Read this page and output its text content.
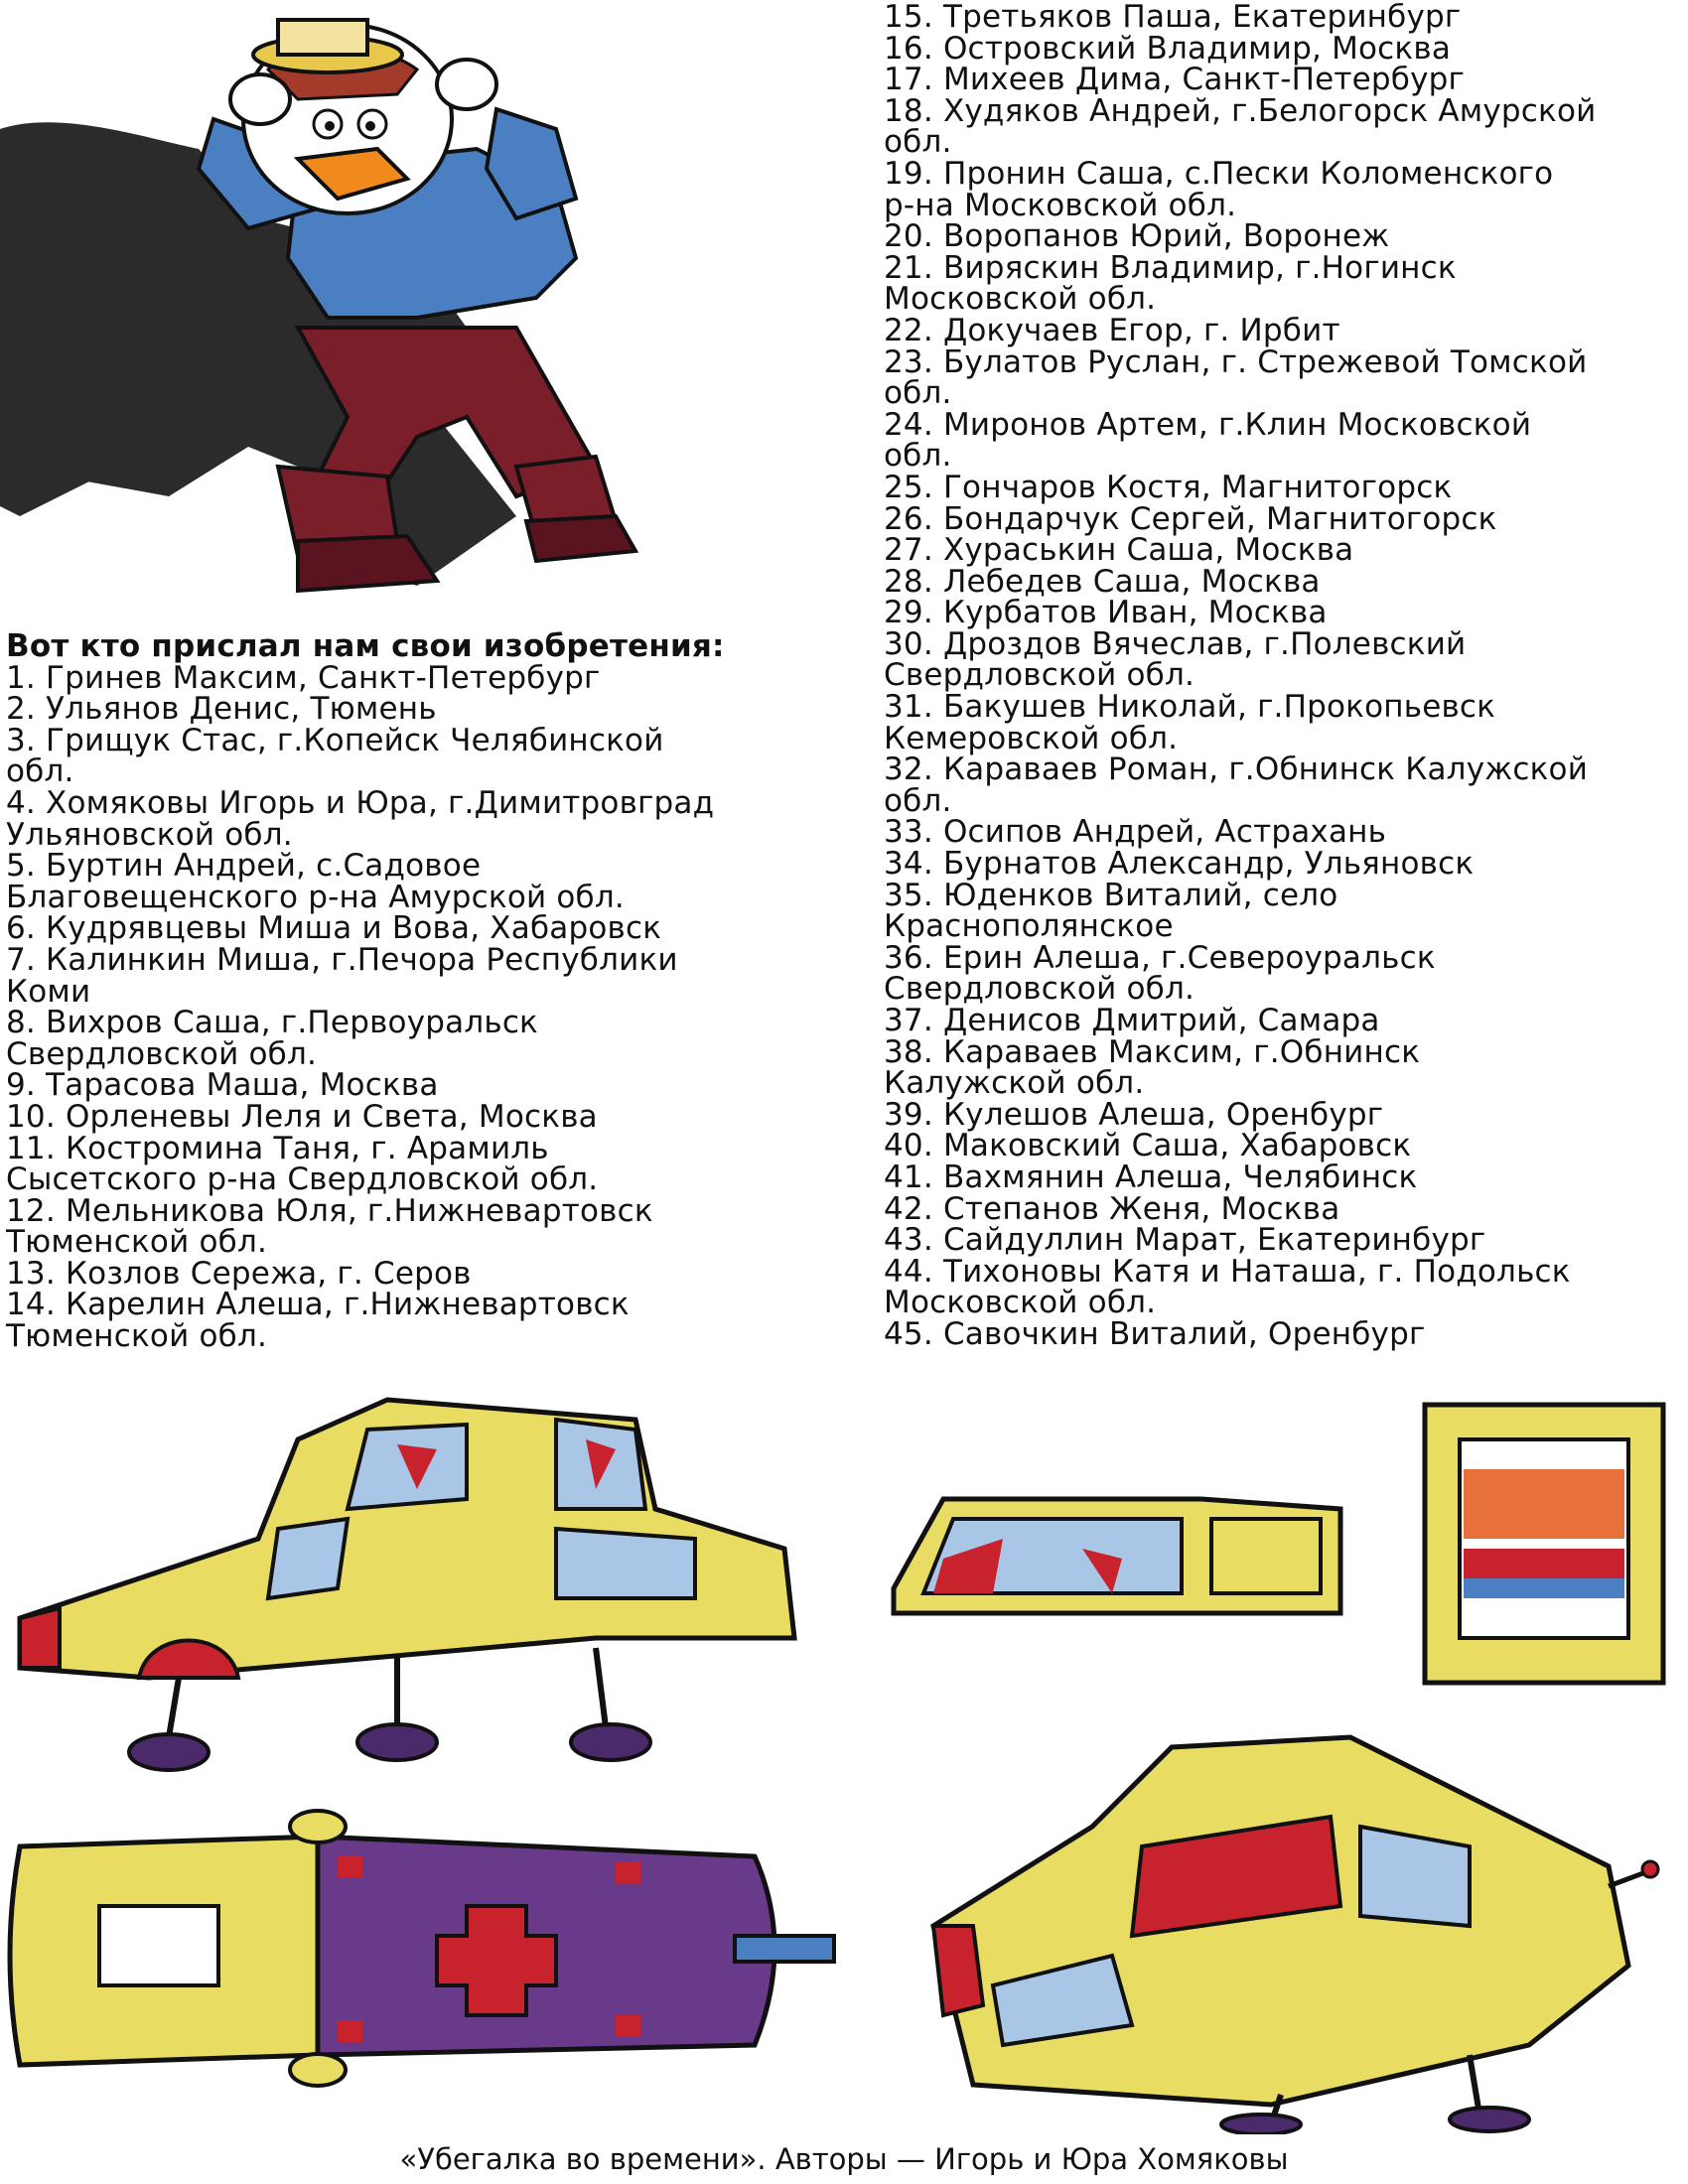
Вот кто прислал нам свои изобретения:

1. Гринев Максим, Санкт-Петербург

2. Ульянов Денис, Тюмень

3. Грищук Стас, г.Копейск Челябинской
обл.

4. Хомяковы Игорь и Юра, г.Димитровград
Ульяновской обл.

5. Буртин Андрей, с.Садовое
Благовещенского р-на Амурской обл.

6. Кудрявцевы Миша и Вова, Хабаровск

7. Калинкин Миша, г.Печора Республики
Коми

8. Вихров Саша, г.Первоуральск
Свердловской обл.

9. Тарасова Маша, Москва

10. Орленевы Леля и Света, Москва

11. Костромина Таня, г. Арамиль
Сысетского р-на Свердловской обл.

12. Мельникова Юля, г.Нижневартовск
Тюменской обл.

13. Козлов Сережа, г. Серов

14. Карелин Алеша, г.Нижневартовск
Тюменской обл.

15. Третьяков Паша, Екатеринбург

16. Островский Владимир, Москва

17. Михеев Дима, Санкт-Петербург

18. Худяков Андрей, г.Белогорск Амурской
обл.

19. Пронин Саша, с.Пески Коломенского
р-на Московской обл.

20. Воропанов Юрий, Воронеж

21. Виряскин Владимир, г.Ногинск
Московской обл.

22. Докучаев Егор, г. Ирбит

23. Булатов Руслан, г. Стрежевой Томской
обл.

24. Миронов Артем, г.Клин Московской
обл.

25. Гончаров Костя, Магнитогорск

26. Бондарчук Сергей, Магнитогорск

27. Хураськин Саша, Москва

28. Лебедев Саша, Москва

29. Курбатов Иван, Москва

30. Дроздов Вячеслав, г.Полевский
Свердловской обл.

31. Бакушев Николай, г.Прокопьевск
Кемеровской обл.

32. Караваев Роман, г.Обнинск Калужской
обл.

33. Осипов Андрей, Астрахань

34. Бурнатов Александр, Ульяновск

35. Юденков Виталий, село
Краснополянское

36. Ерин Алеша, г.Североуральск
Свердловской обл.

37. Денисов Дмитрий, Самара

38. Караваев Максим, г.Обнинск
Калужской обл.

39. Кулешов Алеша, Оренбург

40. Маковский Саша, Хабаровск

41. Вахмянин Алеша, Челябинск

42. Степанов Женя, Москва

43. Сайдуллин Марат, Екатеринбург

44. Тихоновы Катя и Наташа, г. Подольск
Московской обл.

45. Савочкин Виталий, Оренбург

«Убегалка во времени». Авторы — Игорь и Юра Хомяковы
